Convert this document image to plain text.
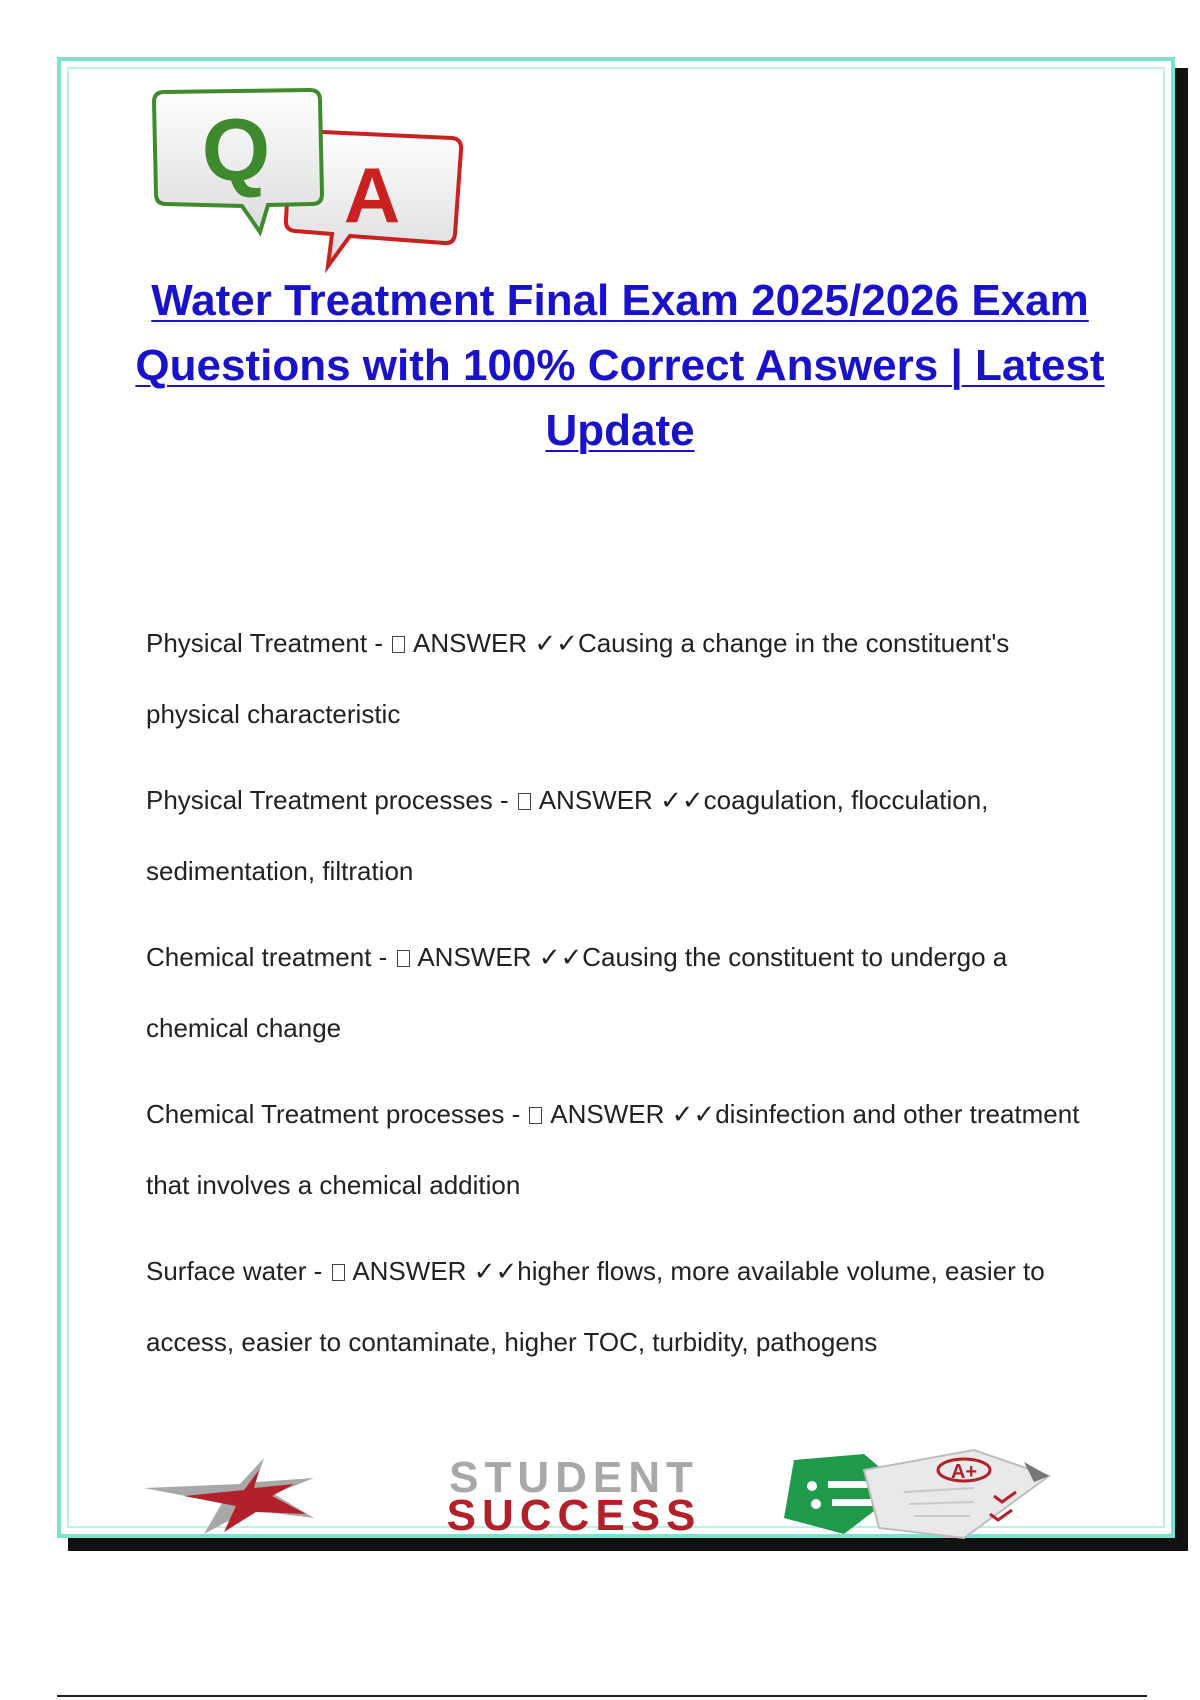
A
Q
Water Treatment Final Exam 2025/2026 Exam Questions with 100% Correct Answers | Latest Update
Physical Treatment -  ANSWER ✓✓Causing a change in the constituent's physical characteristic
Physical Treatment processes -  ANSWER ✓✓coagulation, flocculation, sedimentation, filtration
Chemical treatment -  ANSWER ✓✓Causing the constituent to undergo a chemical change
Chemical Treatment processes -  ANSWER ✓✓disinfection and other treatment that involves a chemical addition
Surface water -  ANSWER ✓✓higher flows, more available volume, easier to access, easier to contaminate, higher TOC, turbidity, pathogens
STUDENT
SUCCESS
A+
